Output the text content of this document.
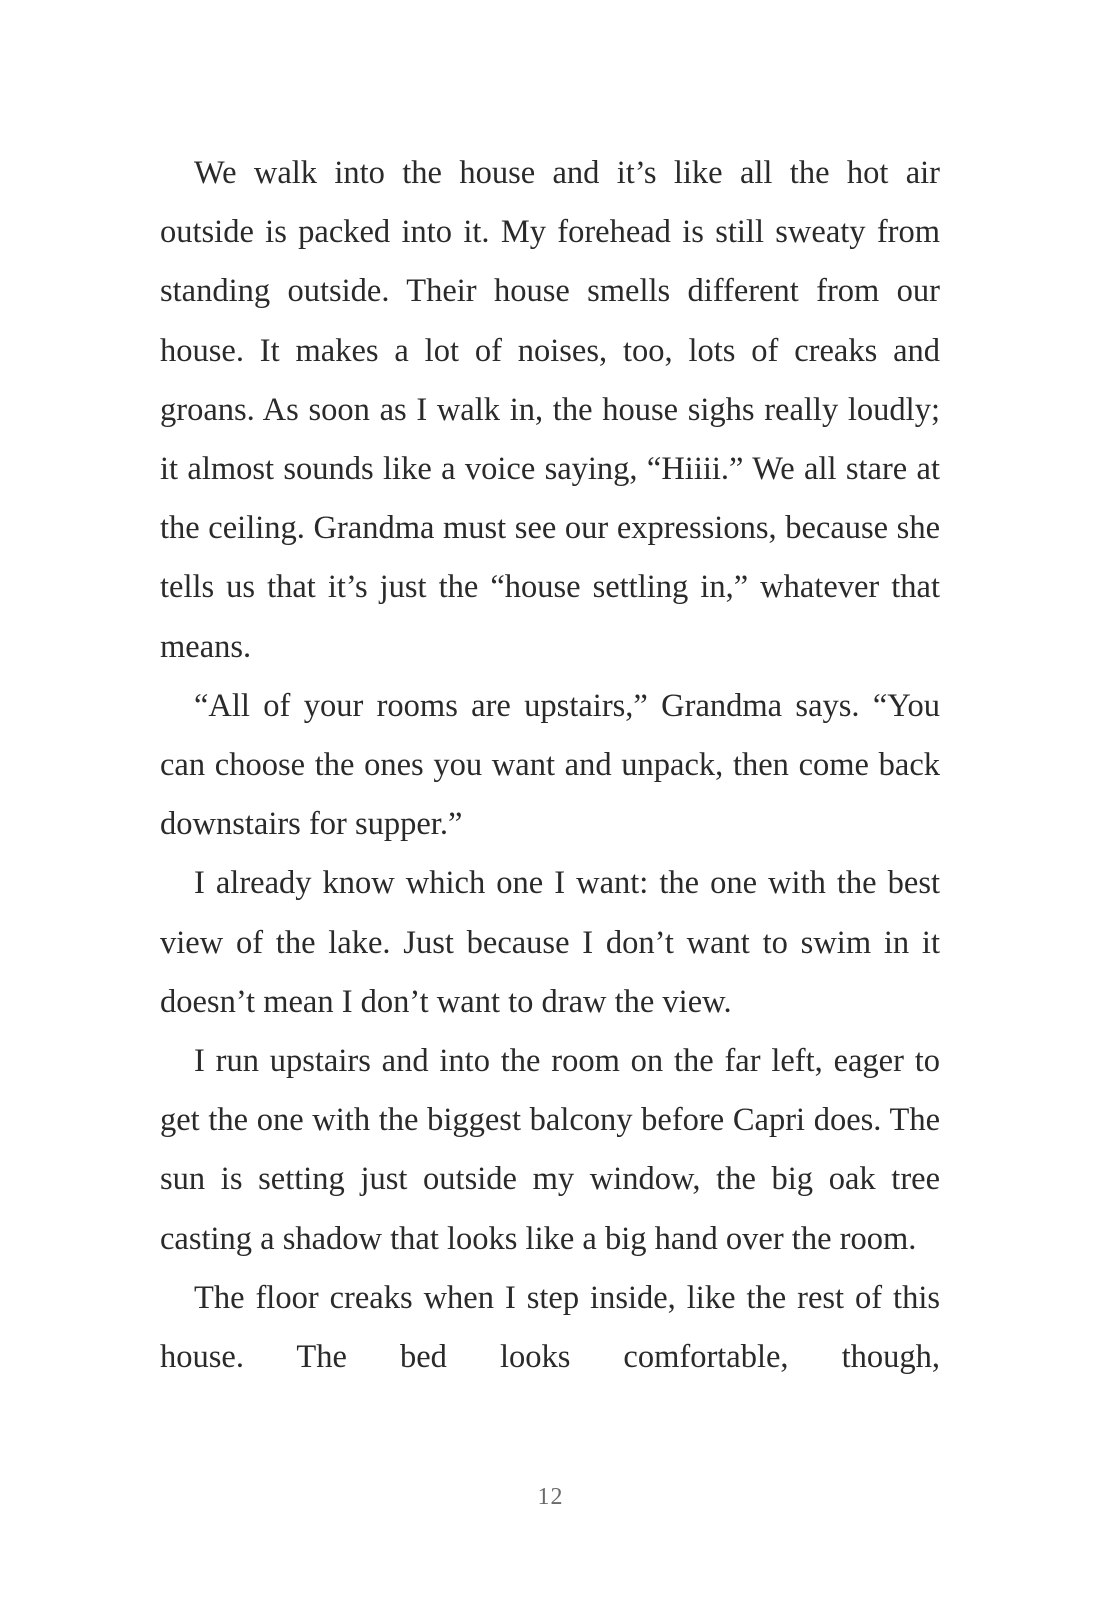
We walk into the house and it’s like all the hot air outside is packed into it. My forehead is still sweaty from standing outside. Their house smells different from our house. It makes a lot of noises, too, lots of creaks and groans. As soon as I walk in, the house sighs really loudly; it almost sounds like a voice saying, “Hiiii.” We all stare at the ceiling. Grandma must see our expressions, because she tells us that it’s just the “house settling in,” whatever that means.

“All of your rooms are upstairs,” Grandma says. “You can choose the ones you want and unpack, then come back downstairs for supper.”

I already know which one I want: the one with the best view of the lake. Just because I don’t want to swim in it doesn’t mean I don’t want to draw the view.

I run upstairs and into the room on the far left, eager to get the one with the biggest balcony before Capri does. The sun is setting just outside my window, the big oak tree casting a shadow that looks like a big hand over the room.

The floor creaks when I step inside, like the rest of this house. The bed looks comfortable, though,

12
